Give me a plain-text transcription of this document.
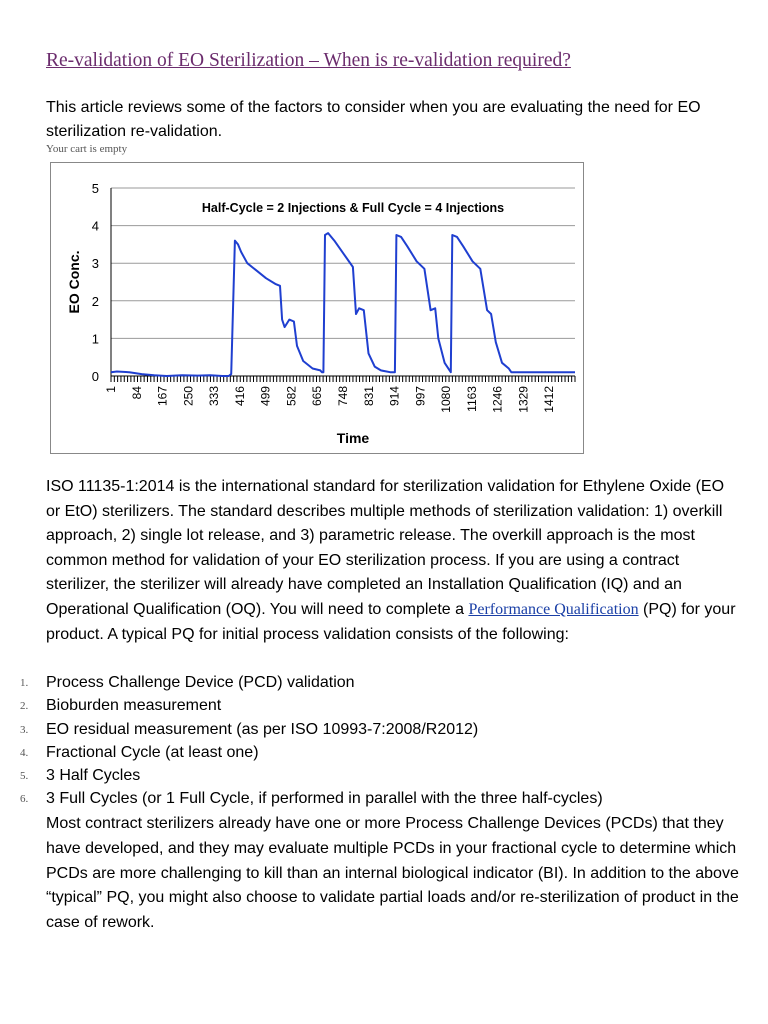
Re-validation of EO Sterilization – When is re-validation required?

This article reviews some of the factors to consider when you are evaluating the need for EO sterilization re-validation.

Your cart is empty
0
1
2
3
4
5
1 84 167 250 333 416 499 582 665 748 831 914 997 1080 1163 1246 1329 1412
Half-Cycle = 2 Injections & Full Cycle = 4 Injections
Time
EO Conc.

ISO 11135-1:2014 is the international standard for sterilization validation for Ethylene Oxide (EO or EtO) sterilizers. The standard describes multiple methods of sterilization validation: 1) overkill approach, 2) single lot release, and 3) parametric release. The overkill approach is the most common method for validation of your EO sterilization process. If you are using a contract sterilizer, the sterilizer will already have completed an Installation Qualification (IQ) and an Operational Qualification (OQ). You will need to complete a Performance Qualification (PQ) for your product. A typical PQ for initial process validation consists of the following:

1. Process Challenge Device (PCD) validation
2. Bioburden measurement
3. EO residual measurement (as per ISO 10993-7:2008/R2012)
4. Fractional Cycle (at least one)
5. 3 Half Cycles
6. 3 Full Cycles (or 1 Full Cycle, if performed in parallel with the three half-cycles)

Most contract sterilizers already have one or more Process Challenge Devices (PCDs) that they have developed, and they may evaluate multiple PCDs in your fractional cycle to determine which PCDs are more challenging to kill than an internal biological indicator (BI). In addition to the above “typical” PQ, you might also choose to validate partial loads and/or re-sterilization of product in the case of rework.
